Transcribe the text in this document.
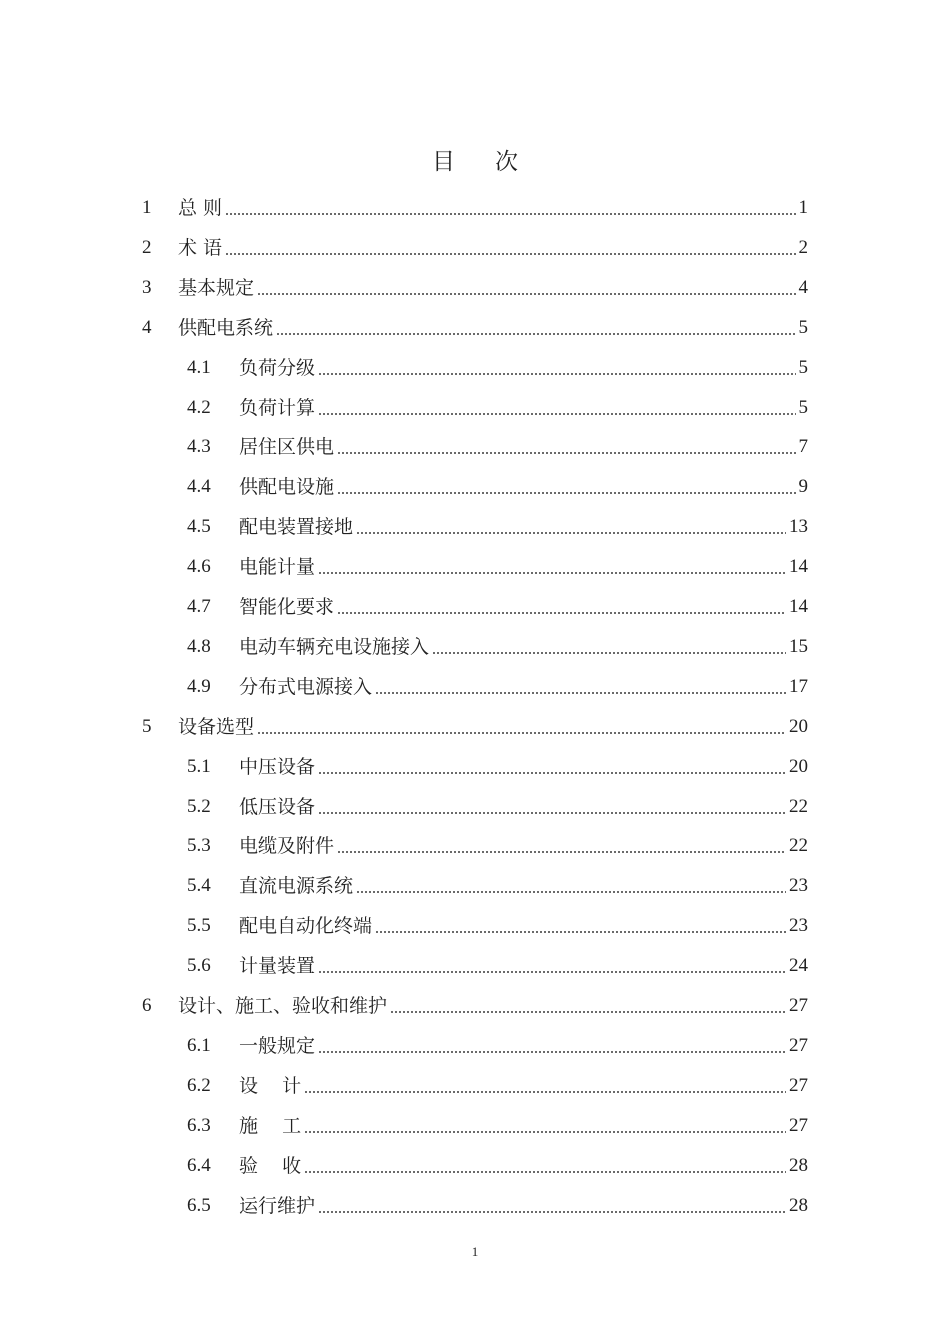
目 次
1	总 则	1
2	术 语	2
3	基本规定	4
4	供配电系统	5
4.1	负荷分级	5
4.2	负荷计算	5
4.3	居住区供电	7
4.4	供配电设施	9
4.5	配电装置接地	13
4.6	电能计量	14
4.7	智能化要求	14
4.8	电动车辆充电设施接入	15
4.9	分布式电源接入	17
5	设备选型	20
5.1	中压设备	20
5.2	低压设备	22
5.3	电缆及附件	22
5.4	直流电源系统	23
5.5	配电自动化终端	23
5.6	计量装置	24
6	设计、施工、验收和维护	27
6.1	一般规定	27
6.2	设    计	27
6.3	施    工	27
6.4	验    收	28
6.5	运行维护	28
1
